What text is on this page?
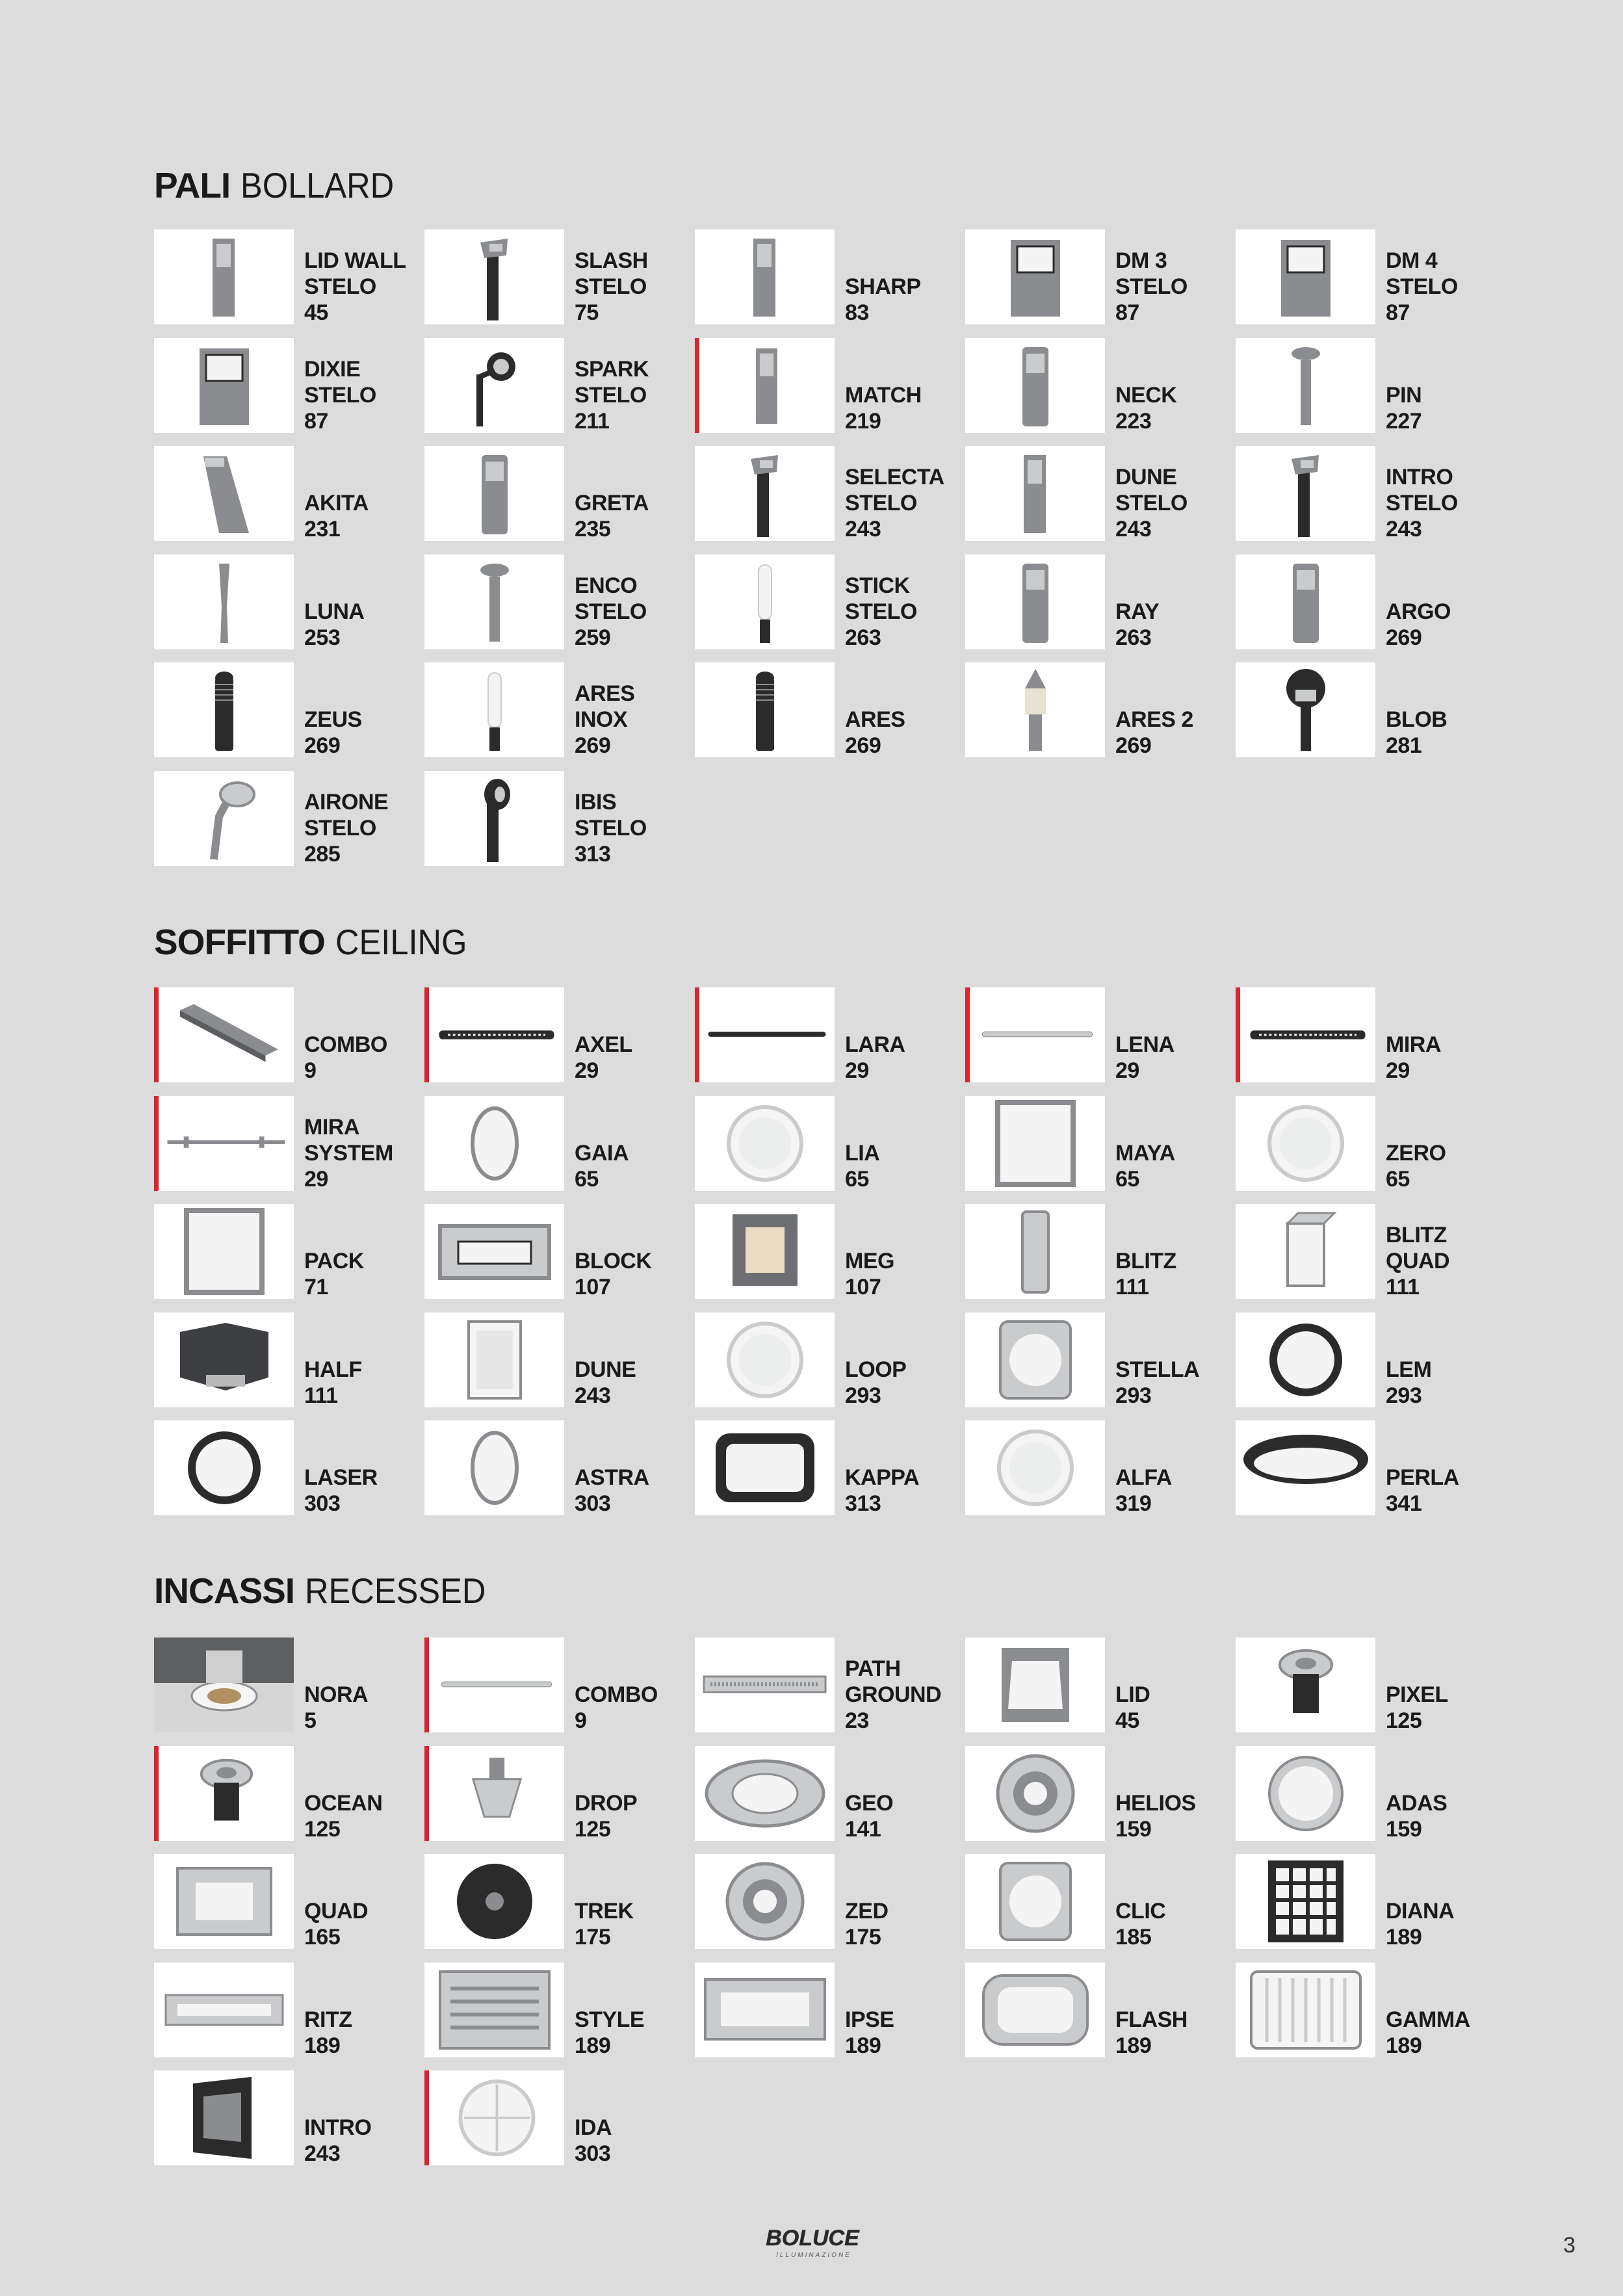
PALI BOLLARD
LID WALL
STELO
45
SLASH
STELO
75
SHARP
83
DM 3
STELO
87
DM 4
STELO
87
DIXIE
STELO
87
SPARK
STELO
211
MATCH
219
NECK
223
PIN
227
AKITA
231
GRETA
235
SELECTA
STELO
243
DUNE
STELO
243
INTRO
STELO
243
LUNA
253
ENCO
STELO
259
STICK
STELO
263
RAY
263
ARGO
269
ZEUS
269
ARES
INOX
269
ARES
269
ARES 2
269
BLOB
281
AIRONE
STELO
285
IBIS
STELO
313
SOFFITTO CEILING
COMBO
9
AXEL
29
LARA
29
LENA
29
MIRA
29
MIRA
SYSTEM
29
GAIA
65
LIA
65
MAYA
65
ZERO
65
PACK
71
BLOCK
107
MEG
107
BLITZ
111
BLITZ
QUAD
111
HALF
111
DUNE
243
LOOP
293
STELLA
293
LEM
293
LASER
303
ASTRA
303
KAPPA
313
ALFA
319
PERLA
341
INCASSI RECESSED
NORA
5
COMBO
9
PATH
GROUND
23
LID
45
PIXEL
125
OCEAN
125
DROP
125
GEO
141
HELIOS
159
ADAS
159
QUAD
165
TREK
175
ZED
175
CLIC
185
DIANA
189
RITZ
189
STYLE
189
IPSE
189
FLASH
189
GAMMA
189
INTRO
243
IDA
303
BOLUCE
ILLUMINAZIONE	3
